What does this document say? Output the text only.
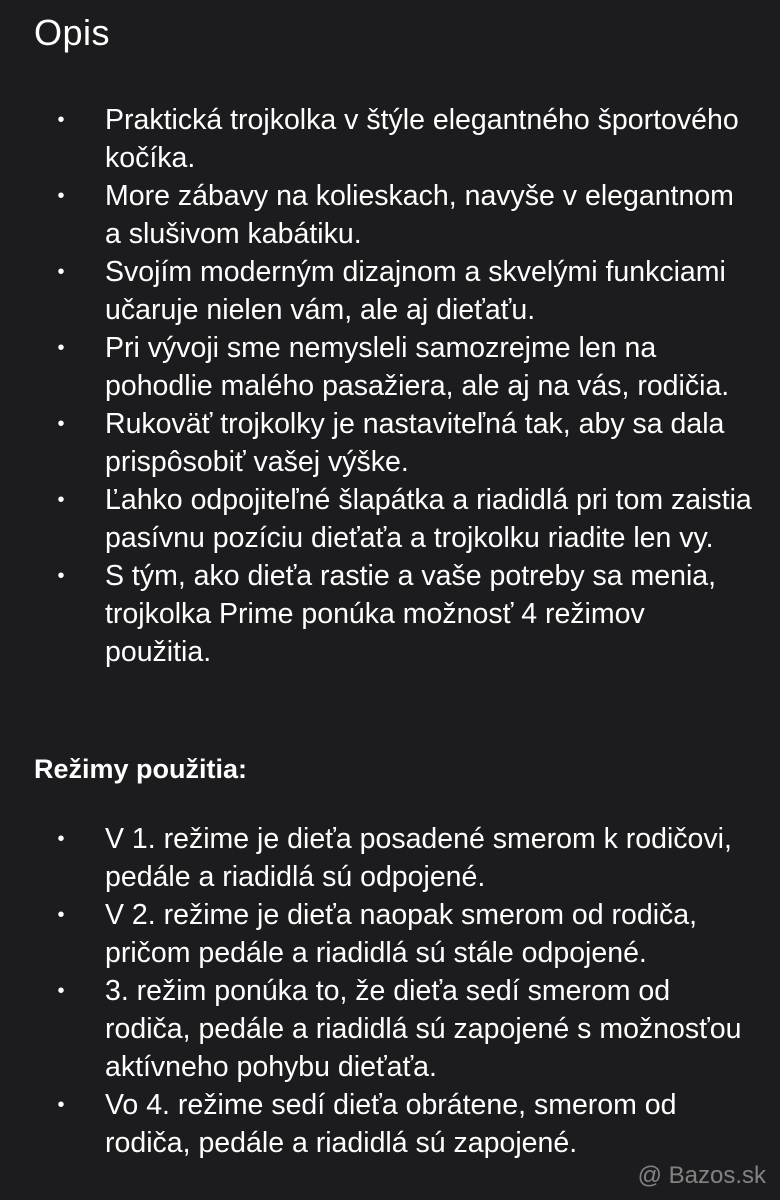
Opis
• Praktická trojkolka v štýle elegantného športového kočíka.
• More zábavy na kolieskach, navyše v elegantnom a slušivom kabátiku.
• Svojím moderným dizajnom a skvelými funkciami učaruje nielen vám, ale aj dieťaťu.
• Pri vývoji sme nemysleli samozrejme len na pohodlie malého pasažiera, ale aj na vás, rodičia.
• Rukoväť trojkolky je nastaviteľná tak, aby sa dala prispôsobiť vašej výške.
• Ľahko odpojiteľné šlapátka a riadidlá pri tom zaistia pasívnu pozíciu dieťaťa a trojkolku riadite len vy.
• S tým, ako dieťa rastie a vaše potreby sa menia, trojkolka Prime ponúka možnosť 4 režimov použitia.
Režimy použitia:
• V 1. režime je dieťa posadené smerom k rodičovi, pedále a riadidlá sú odpojené.
• V 2. režime je dieťa naopak smerom od rodiča, pričom pedále a riadidlá sú stále odpojené.
• 3. režim ponúka to, že dieťa sedí smerom od rodiča, pedále a riadidlá sú zapojené s možnosťou aktívneho pohybu dieťaťa.
• Vo 4. režime sedí dieťa obrátene, smerom od rodiča, pedále a riadidlá sú zapojené.
@ Bazos.sk
